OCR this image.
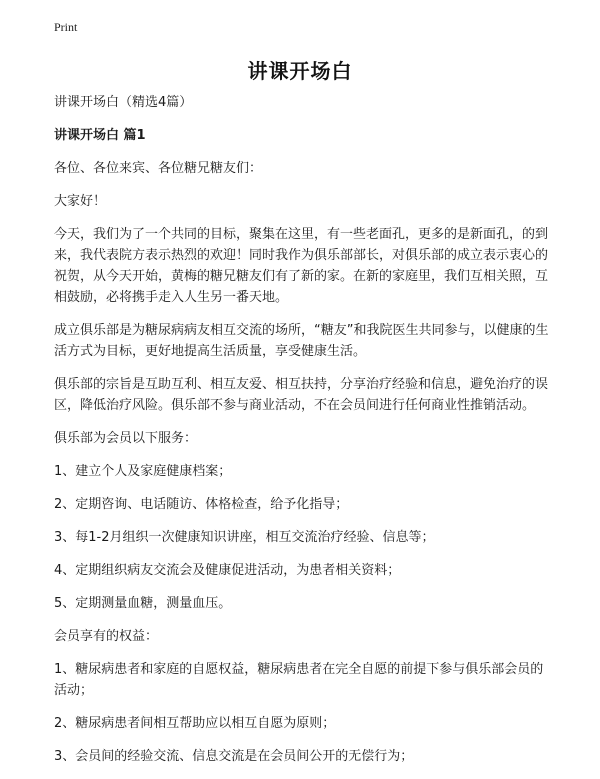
Print
讲课开场白

讲课开场白（精选4篇）

讲课开场白 篇1

各位、各位来宾、各位糖兄糖友们：

大家好！

今天，我们为了一个共同的目标，聚集在这里，有一些老面孔，更多的是新面孔，的到来，我代表院方表示热烈的欢迎！同时我作为俱乐部部长，对俱乐部的成立表示衷心的祝贺，从今天开始，黄梅的糖兄糖友们有了新的家。在新的家庭里，我们互相关照，互相鼓励，必将携手走入人生另一番天地。

成立俱乐部是为糖尿病病友相互交流的场所，“糖友”和我院医生共同参与，以健康的生活方式为目标，更好地提高生活质量，享受健康生活。

俱乐部的宗旨是互助互利、相互友爱、相互扶持，分享治疗经验和信息，避免治疗的误区，降低治疗风险。俱乐部不参与商业活动，不在会员间进行任何商业性推销活动。

俱乐部为会员以下服务：

1、建立个人及家庭健康档案；

2、定期咨询、电话随访、体格检查，给予化指导；

3、每1-2月组织一次健康知识讲座，相互交流治疗经验、信息等；

4、定期组织病友交流会及健康促进活动，为患者相关资料；

5、定期测量血糖，测量血压。

会员享有的权益：

1、糖尿病患者和家庭的自愿权益，糖尿病患者在完全自愿的前提下参与俱乐部会员的活动；

2、糖尿病患者间相互帮助应以相互自愿为原则；

3、会员间的经验交流、信息交流是在会员间公开的无偿行为；
